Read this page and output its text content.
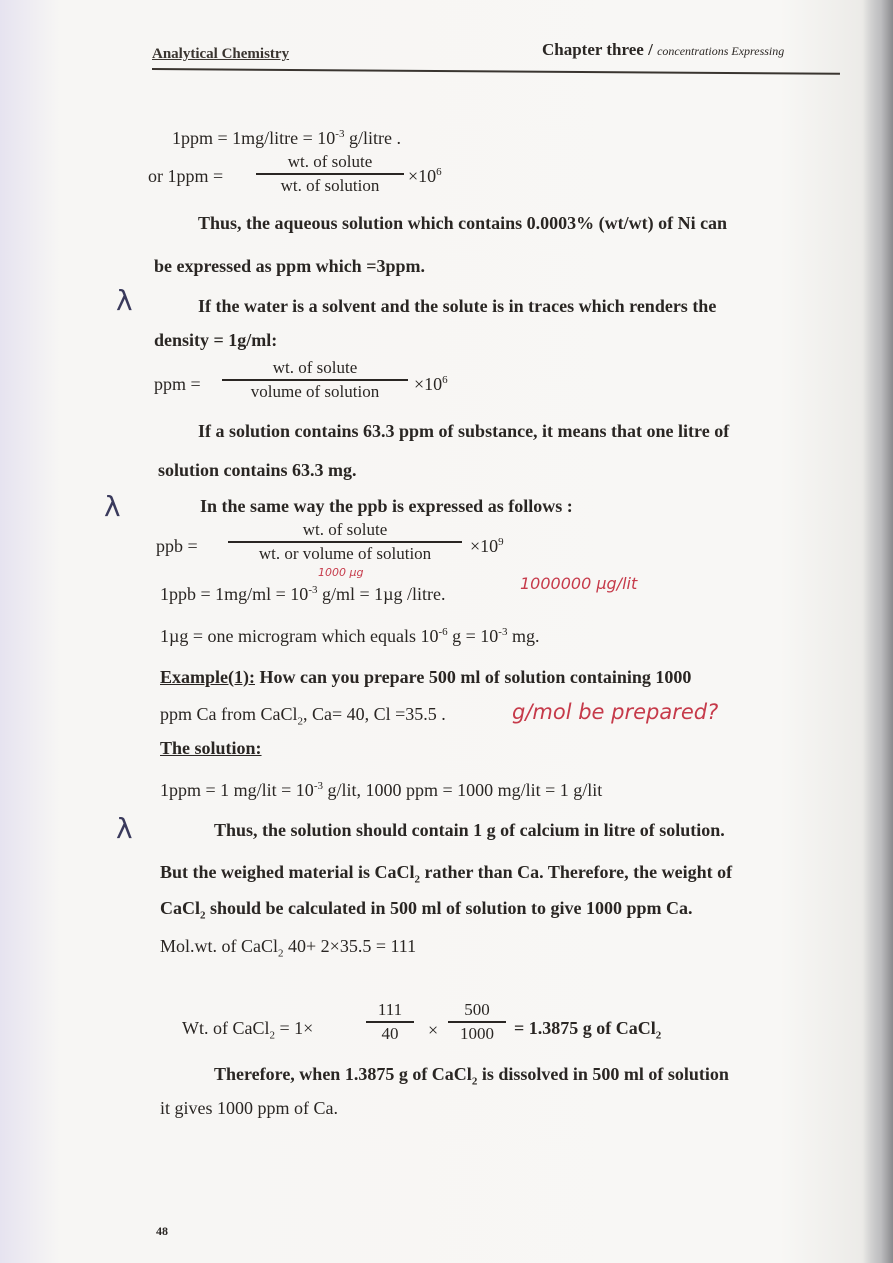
Analytical Chemistry	Chapter three / concentrations Expressing
1ppm = 1mg/litre = $10^{-3}$ g/litre .
or 1ppm =
wt. of solute
wt. of solution	$\times 10^6$
Thus, the aqueous solution which contains 0.0003% (wt/wt) of Ni can
be expressed as ppm which =3ppm.
λ	If the water is a solvent and the solute is in traces which renders the
density = 1g/ml:
ppm =
wt. of solute
volume of solution	$\times 10^6$
If a solution contains 63.3 ppm of substance, it means that one litre of
solution contains 63.3 mg.
λ	In the same way the ppb is expressed as follows :
ppb =
wt. of solute
wt. or volume of solution	$\times 10^9$
$1ppb = 1mg/ml = 10^{-3}$ g/ml = 1µg /litre.
1000 µg
1000000 µg/lit
1µg = one microgram which equals $10^{-6}$ $g = 10^{-3}$ mg.
Example(1): How can you prepare 500 ml of solution containing 1000
ppm Ca from CaCl$_2$, Ca= 40, Cl =35.5 .	g/mol be prepared?
The solution:
1ppm = 1 $mg/lit = 10^{-3}$ g/lit, 1000 ppm = 1000 mg/lit = 1 g/lit
λ	Thus, the solution should contain 1 g of calcium in litre of solution.
But the weighed material is CaCl$_2$ rather than Ca. Therefore, the weight of
CaCl$_2$ should be calculated in 500 ml of solution to give 1000 ppm Ca.
Mol.wt. of CaCl$_2$ 40+ 2×35.5 = 111
Wt. of CaCl$_2$ = 1×
111
40	×
500
1000	= 1.3875 g of CaCl$_2$
Therefore, when 1.3875 g of CaCl$_2$ is dissolved in 500 ml of solution
it gives 1000 ppm of Ca.
48
